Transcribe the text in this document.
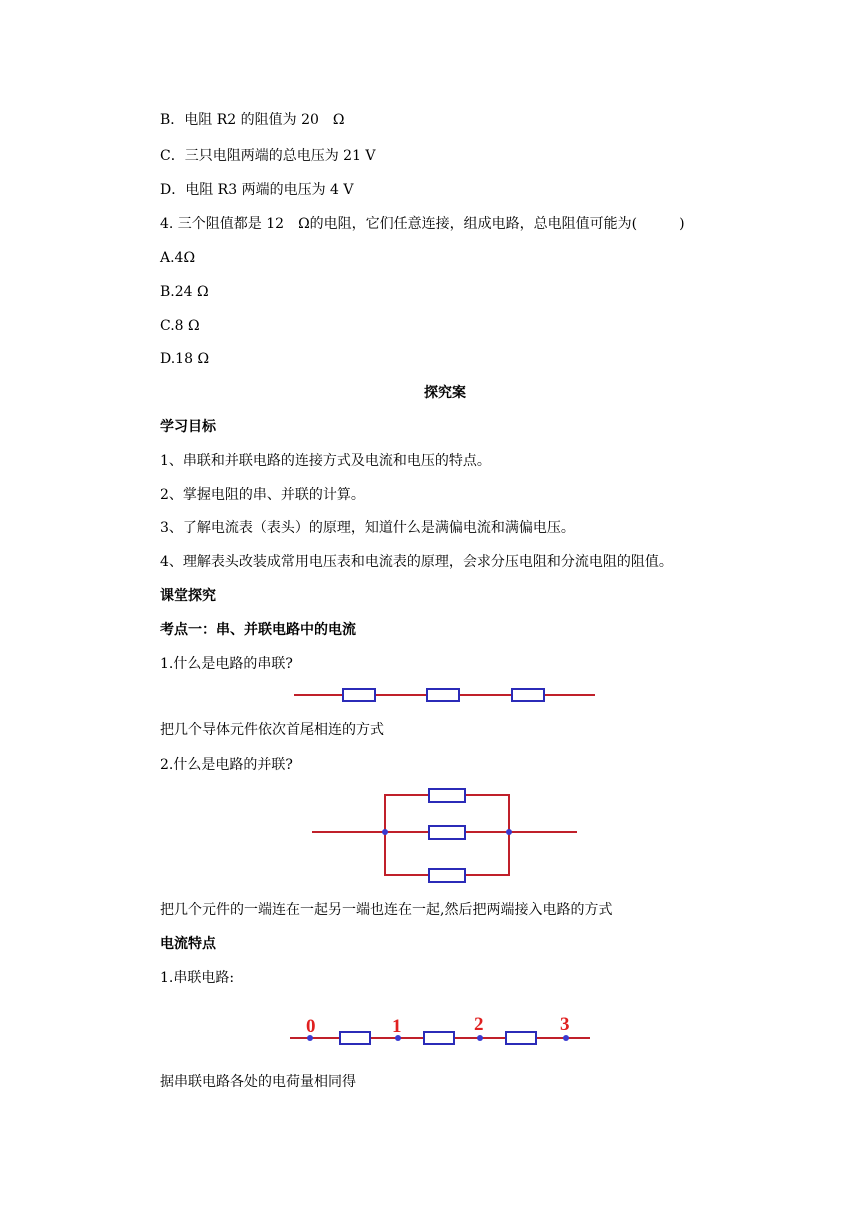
B．电阻 R2 的阻值为 20　Ω
C．三只电阻两端的总电压为 21 V
D．电阻 R3 两端的电压为 4 V
4. 三个阻值都是 12　Ω的电阻，它们任意连接，组成电路，总电阻值可能为(　　　)
A.4Ω
B.24 Ω
C.8 Ω
D.18 Ω
探究案
学习目标
1、串联和并联电路的连接方式及电流和电压的特点。
2、掌握电阻的串、并联的计算。
3、了解电流表（表头）的原理，知道什么是满偏电流和满偏电压。
4、理解表头改装成常用电压表和电流表的原理，会求分压电阻和分流电阻的阻值。
课堂探究
考点一：串、并联电路中的电流
1.什么是电路的串联?
把几个导体元件依次首尾相连的方式
2.什么是电路的并联?
把几个元件的一端连在一起另一端也连在一起,然后把两端接入电路的方式
电流特点
1.串联电路:
0	1	2	3
据串联电路各处的电荷量相同得
